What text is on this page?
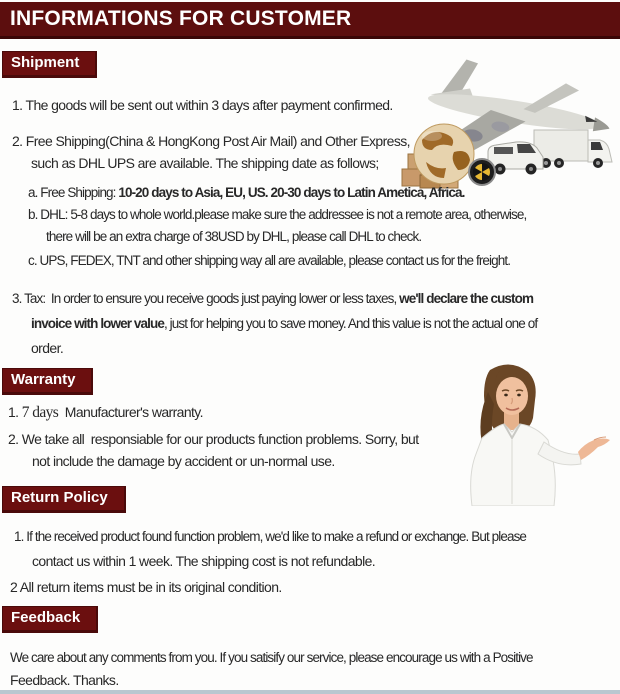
INFORMATIONS FOR CUSTOMER
Shipment
1. The goods will be sent out within 3 days after payment confirmed.
2. Free Shipping(China & HongKong Post Air Mail) and Other Express,
such as DHL UPS are available. The shipping date as follows;
a. Free Shipping: 10-20 days to Asia, EU, US. 20-30 days to Latin Ametica, Africa.
b. DHL: 5-8 days to whole world.please make sure the addressee is not a remote area, otherwise,
there will be an extra charge of 38USD by DHL, please call DHL to check.
c. UPS, FEDEX, TNT and other shipping way all are available, please contact us for the freight.
3. Tax:  In order to ensure you receive goods just paying lower or less taxes, we'll declare the custom
invoice with lower value, just for helping you to save money. And this value is not the actual one of
order.
Warranty
1. 7 days  Manufacturer's warranty.
2. We take all  responsiable for our products function problems. Sorry, but
not include the damage by accident or un-normal use.
Return Policy
1. If the received product found function problem, we'd like to make a refund or exchange. But please
contact us within 1 week. The shipping cost is not refundable.
2 All return items must be in its original condition.
Feedback
We care about any comments from you. If you satisify our service, please encourage us with a Positive
Feedback. Thanks.
